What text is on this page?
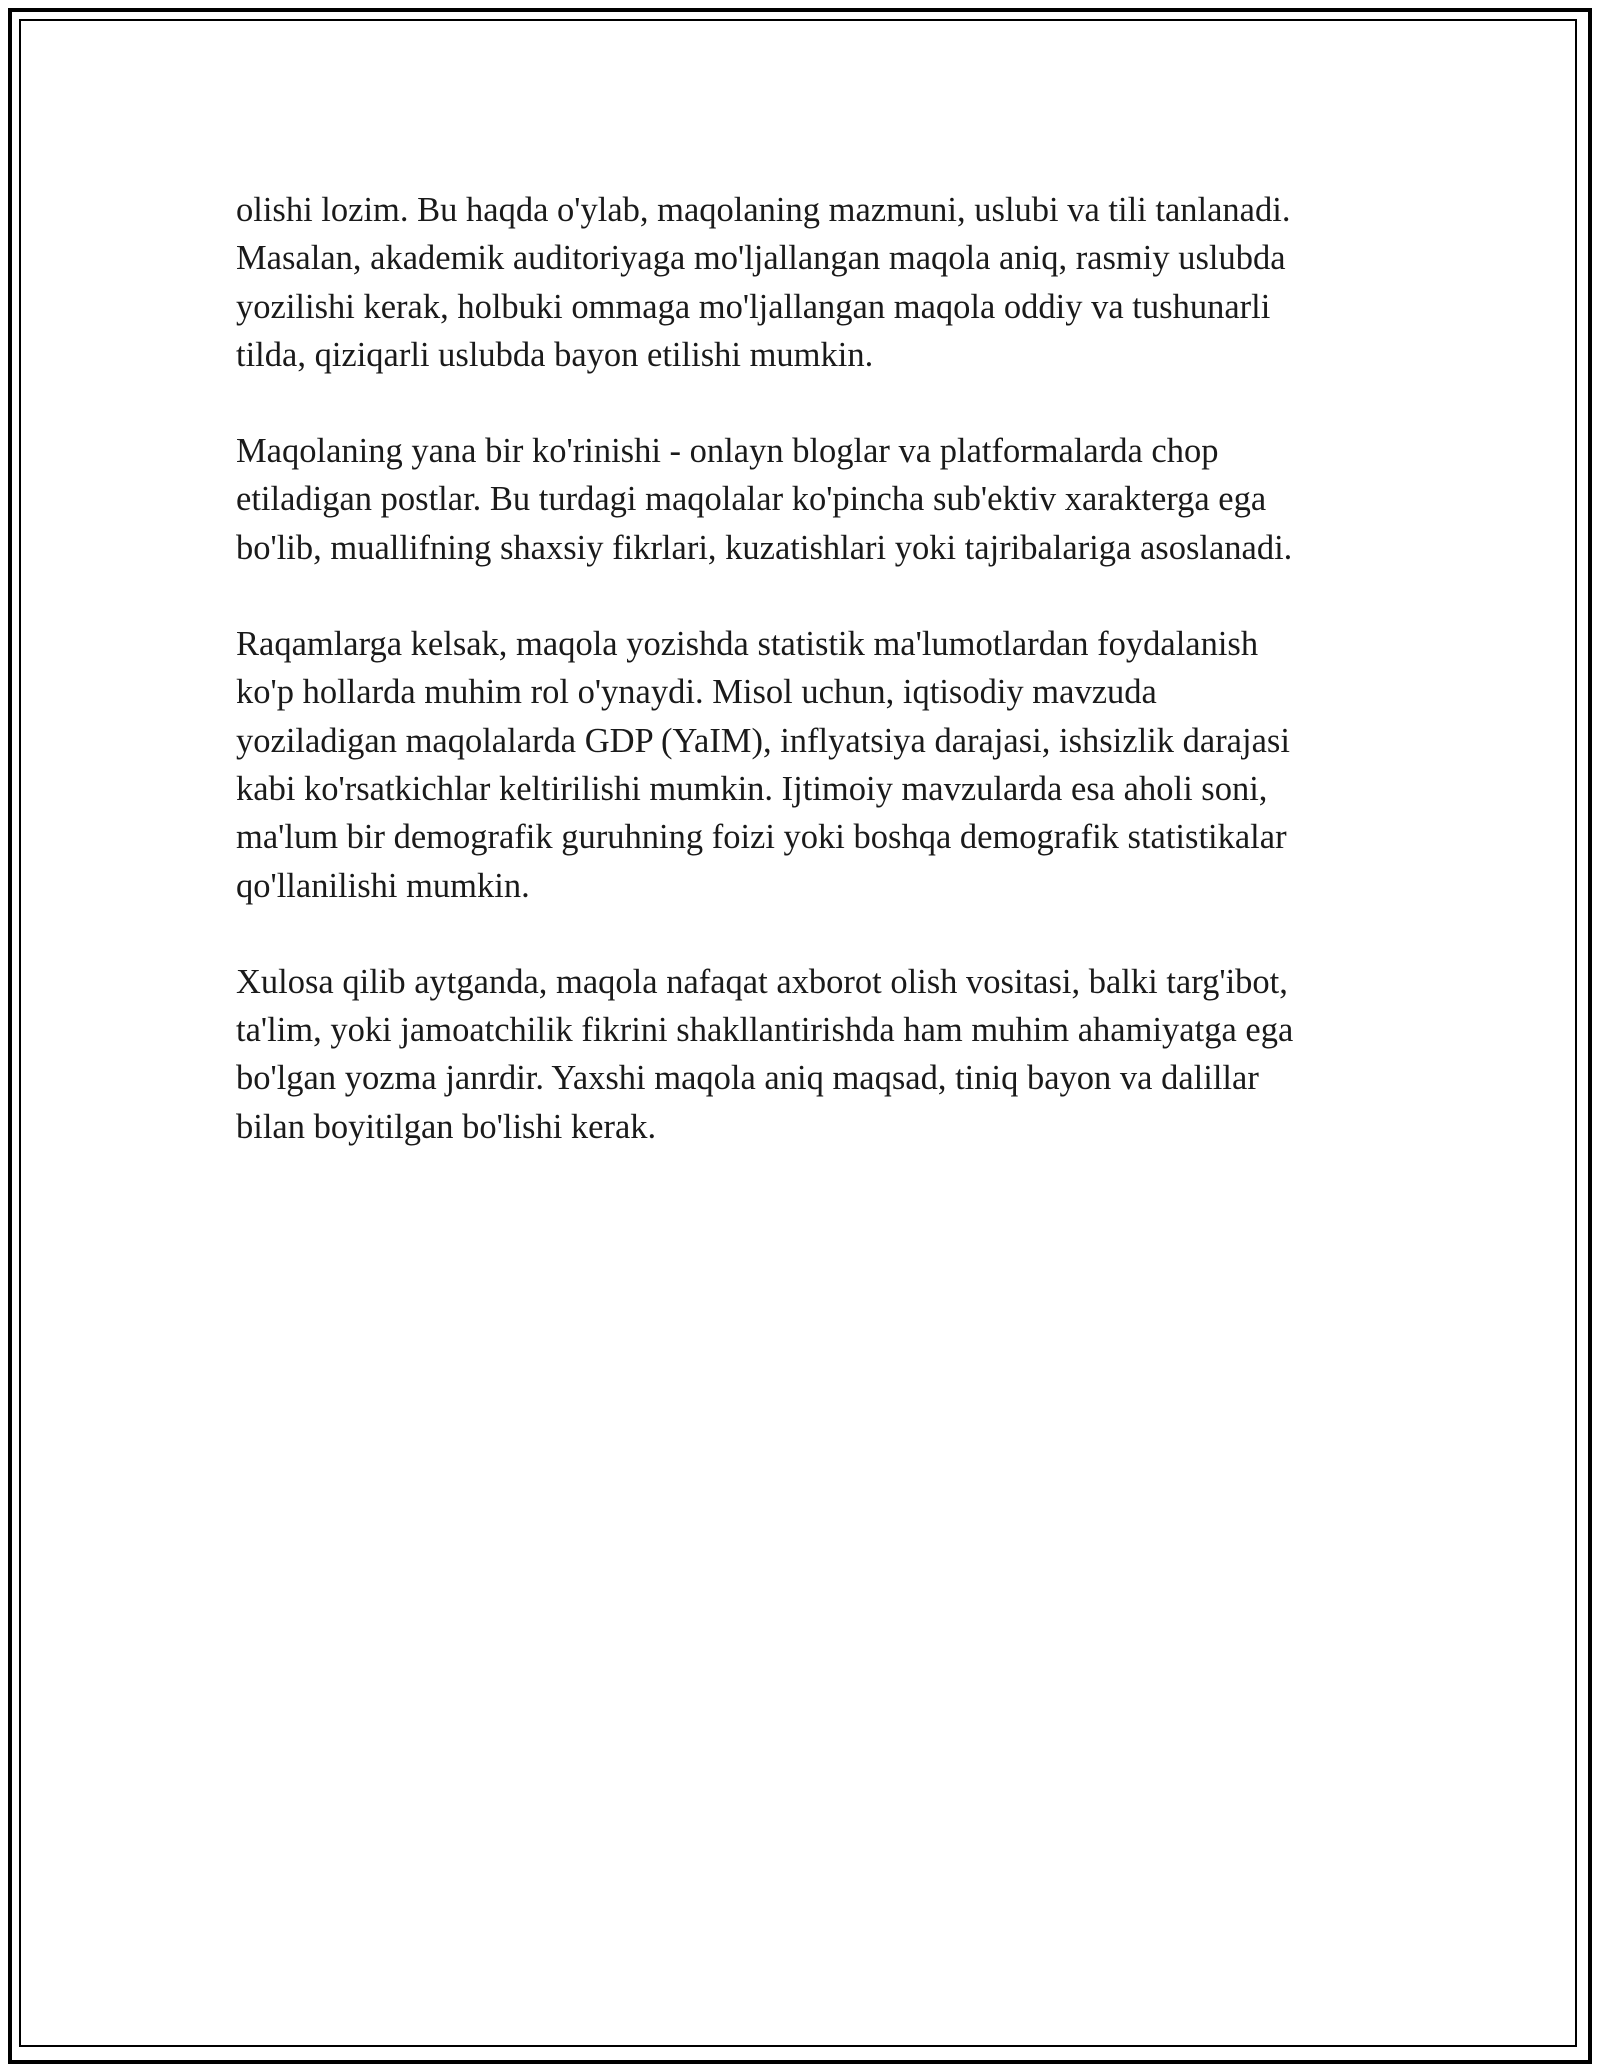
olishi lozim. Bu haqda o'ylab, maqolaning mazmuni, uslubi va tili tanlanadi.
Masalan, akademik auditoriyaga mo'ljallangan maqola aniq, rasmiy uslubda
yozilishi kerak, holbuki ommaga mo'ljallangan maqola oddiy va tushunarli
tilda, qiziqarli uslubda bayon etilishi mumkin.

Maqolaning yana bir ko'rinishi - onlayn bloglar va platformalarda chop
etiladigan postlar. Bu turdagi maqolalar ko'pincha sub'ektiv xarakterga ega
bo'lib, muallifning shaxsiy fikrlari, kuzatishlari yoki tajribalariga asoslanadi.

Raqamlarga kelsak, maqola yozishda statistik ma'lumotlardan foydalanish
ko'p hollarda muhim rol o'ynaydi. Misol uchun, iqtisodiy mavzuda
yoziladigan maqolalarda GDP (YaIM), inflyatsiya darajasi, ishsizlik darajasi
kabi ko'rsatkichlar keltirilishi mumkin. Ijtimoiy mavzularda esa aholi soni,
ma'lum bir demografik guruhning foizi yoki boshqa demografik statistikalar
qo'llanilishi mumkin.

Xulosa qilib aytganda, maqola nafaqat axborot olish vositasi, balki targ'ibot,
ta'lim, yoki jamoatchilik fikrini shakllantirishda ham muhim ahamiyatga ega
bo'lgan yozma janrdir. Yaxshi maqola aniq maqsad, tiniq bayon va dalillar
bilan boyitilgan bo'lishi kerak.
